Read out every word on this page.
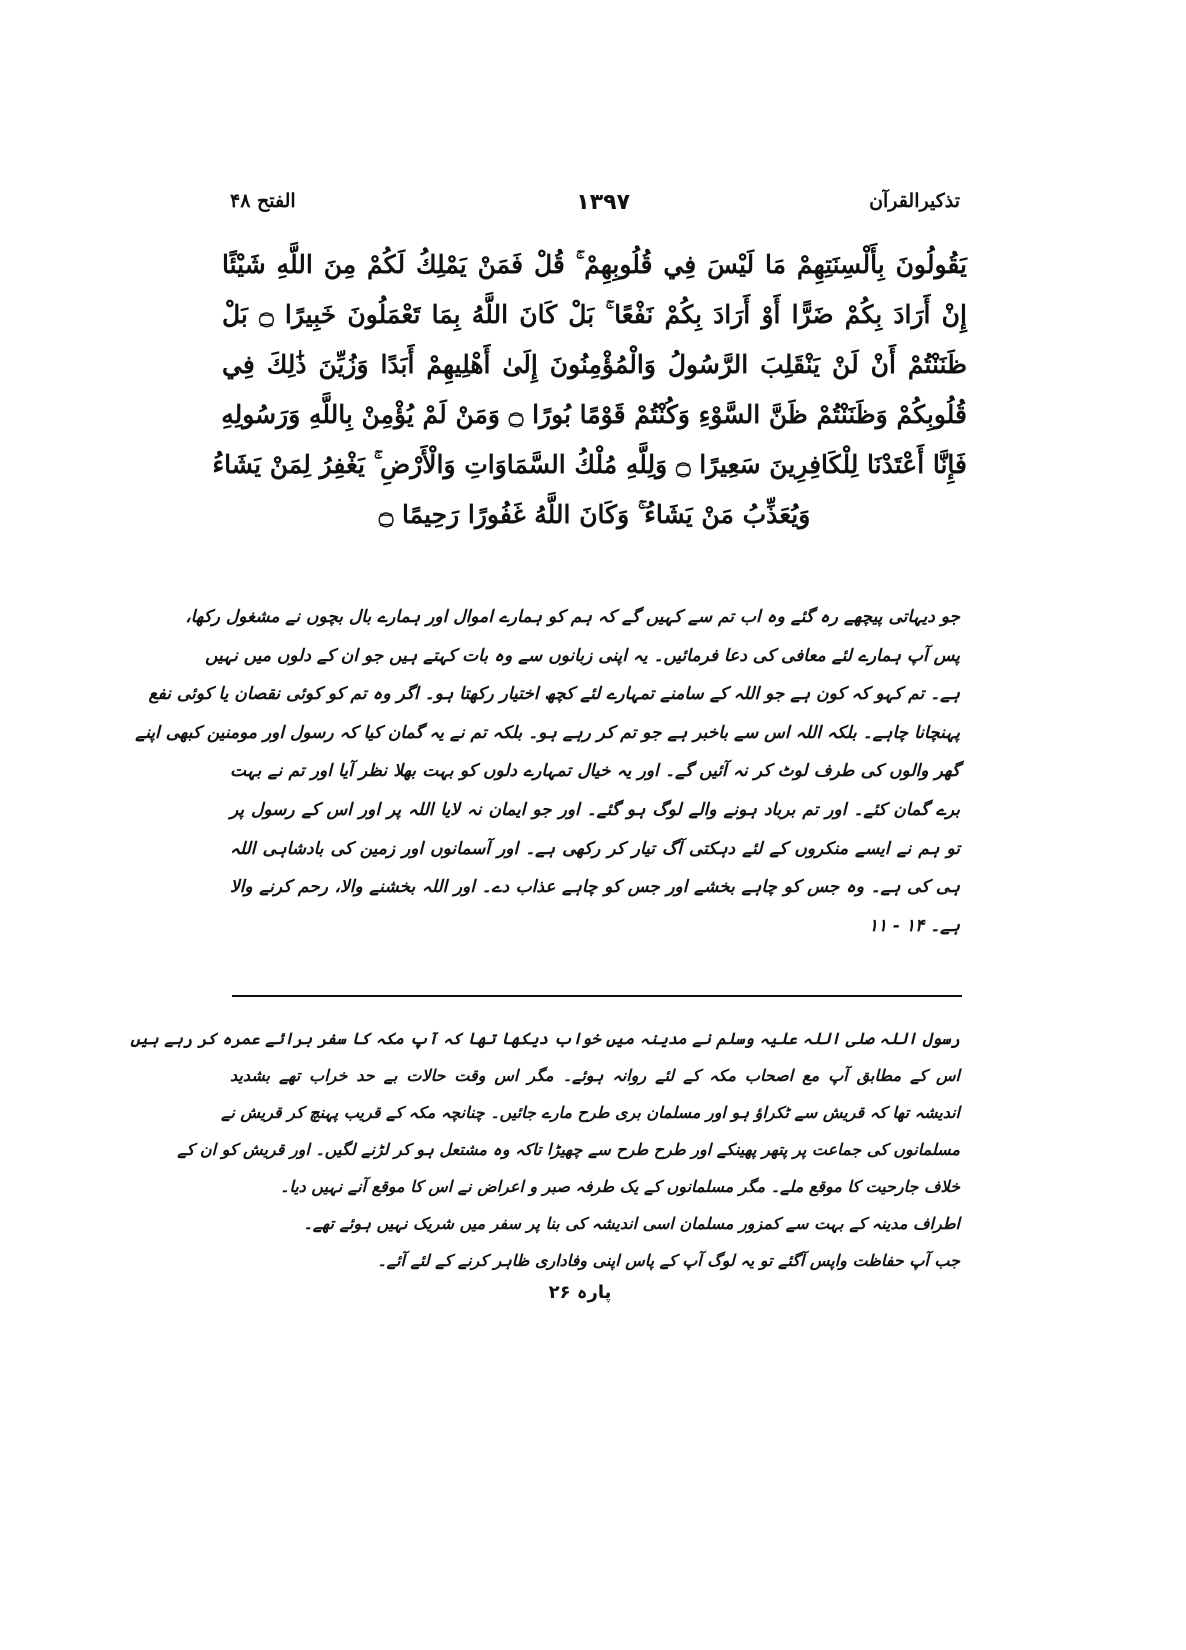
تذکیرالقرآن
۱۳۹۷
الفتح ۴۸
يَقُولُونَ بِأَلْسِنَتِهِمْ مَا لَيْسَ فِي قُلُوبِهِمْ ۚ قُلْ فَمَنْ يَمْلِكُ لَكُمْ مِنَ اللَّهِ شَيْئًا
إِنْ أَرَادَ بِكُمْ ضَرًّا أَوْ أَرَادَ بِكُمْ نَفْعًا ۚ بَلْ كَانَ اللَّهُ بِمَا تَعْمَلُونَ خَبِيرًا ۝ بَلْ
ظَنَنْتُمْ أَنْ لَنْ يَنْقَلِبَ الرَّسُولُ وَالْمُؤْمِنُونَ إِلَىٰ أَهْلِيهِمْ أَبَدًا وَزُيِّنَ ذَٰلِكَ فِي
قُلُوبِكُمْ وَظَنَنْتُمْ ظَنَّ السَّوْءِ وَكُنْتُمْ قَوْمًا بُورًا ۝ وَمَنْ لَمْ يُؤْمِنْ بِاللَّهِ وَرَسُولِهِ
فَإِنَّا أَعْتَدْنَا لِلْكَافِرِينَ سَعِيرًا ۝ وَلِلَّهِ مُلْكُ السَّمَاوَاتِ وَالْأَرْضِ ۚ يَغْفِرُ لِمَنْ يَشَاءُ
وَيُعَذِّبُ مَنْ يَشَاءُ ۚ وَكَانَ اللَّهُ غَفُورًا رَحِيمًا ۝
جو دیہاتی پیچھے رہ گئے وہ اب تم سے کہیں گے کہ ہم کو ہمارے اموال اور ہمارے بال بچوں نے مشغول رکھا،
پس آپ ہمارے لئے معافی کی دعا فرمائیں۔ یہ اپنی زبانوں سے وہ بات کہتے ہیں جو ان کے دلوں میں نہیں
ہے۔ تم کہو کہ کون ہے جو اللہ کے سامنے تمہارے لئے کچھ اختیار رکھتا ہو۔ اگر وہ تم کو کوئی نقصان یا کوئی نفع
پہنچانا چاہے۔ بلکہ اللہ اس سے باخبر ہے جو تم کر رہے ہو۔ بلکہ تم نے یہ گمان کیا کہ رسول اور مومنین کبھی اپنے
گھر والوں کی طرف لوٹ کر نہ آئیں گے۔ اور یہ خیال تمہارے دلوں کو بہت بھلا نظر آیا اور تم نے بہت
برے گمان کئے۔ اور تم برباد ہونے والے لوگ ہو گئے۔ اور جو ایمان نہ لایا اللہ پر اور اس کے رسول پر
تو ہم نے ایسے منکروں کے لئے دہکتی آگ تیار کر رکھی ہے۔ اور آسمانوں اور زمین کی بادشاہی اللہ
ہی کی ہے۔ وہ جس کو چاہے بخشے اور جس کو چاہے عذاب دے۔ اور اللہ بخشنے والا، رحم کرنے والا
ہے۔ ۱۴ - ۱۱
رسول اللہ صلی اللہ علیہ وسلم نے مدینہ میں خواب دیکھا تھا کہ آپ مکہ کا سفر برائے عمرہ کر رہے ہیں
اس کے مطابق آپ مع اصحاب مکہ کے لئے روانہ ہوئے۔ مگر اس وقت حالات بے حد خراب تھے بشدید
اندیشہ تھا کہ قریش سے ٹکراؤ ہو اور مسلمان بری طرح مارے جائیں۔ چنانچہ مکہ کے قریب پہنچ کر قریش نے
مسلمانوں کی جماعت پر پتھر پھینکے اور طرح طرح سے چھیڑا تاکہ وہ مشتعل ہو کر لڑنے لگیں۔ اور قریش کو ان کے
خلاف جارحیت کا موقع ملے۔ مگر مسلمانوں کے یک طرفہ صبر و اعراض نے اس کا موقع آنے نہیں دیا۔
اطراف مدینہ کے بہت سے کمزور مسلمان اسی اندیشہ کی بنا پر سفر میں شریک نہیں ہوئے تھے۔
جب آپ حفاظت واپس آگئے تو یہ لوگ آپ کے پاس اپنی وفاداری ظاہر کرنے کے لئے آئے۔
پارہ ۲۶
